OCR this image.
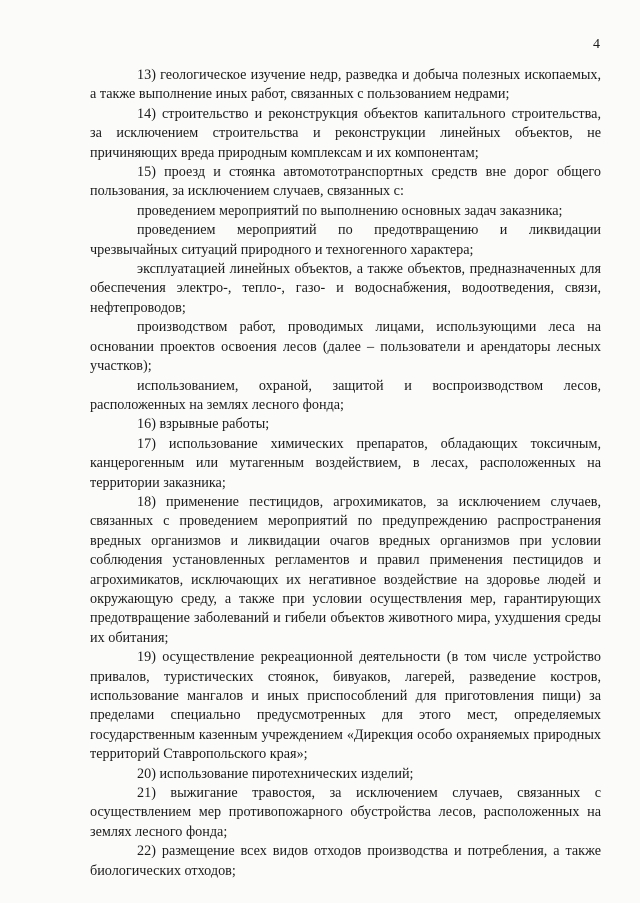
4

13) геологическое изучение недр, разведка и добыча полезных ископаемых, а также выполнение иных работ, связанных с пользованием недрами;

14) строительство и реконструкция объектов капитального строительства, за исключением строительства и реконструкции линейных объектов, не причиняющих вреда природным комплексам и их компонентам;

15) проезд и стоянка автомототранспортных средств вне дорог общего пользования, за исключением случаев, связанных с:

проведением мероприятий по выполнению основных задач заказника;

проведением мероприятий по предотвращению и ликвидации чрезвычайных ситуаций природного и техногенного характера;

эксплуатацией линейных объектов, а также объектов, предназначенных для обеспечения электро-, тепло-, газо- и водоснабжения, водоотведения, связи, нефтепроводов;

производством работ, проводимых лицами, использующими леса на основании проектов освоения лесов (далее – пользователи и арендаторы лесных участков);

использованием, охраной, защитой и воспроизводством лесов, расположенных на землях лесного фонда;

16) взрывные работы;

17) использование химических препаратов, обладающих токсичным, канцерогенным или мутагенным воздействием, в лесах, расположенных на территории заказника;

18) применение пестицидов, агрохимикатов, за исключением случаев, связанных с проведением мероприятий по предупреждению распространения вредных организмов и ликвидации очагов вредных организмов при условии соблюдения установленных регламентов и правил применения пестицидов и агрохимикатов, исключающих их негативное воздействие на здоровье людей и окружающую среду, а также при условии осуществления мер, гарантирующих предотвращение заболеваний и гибели объектов животного мира, ухудшения среды их обитания;

19) осуществление рекреационной деятельности (в том числе устройство привалов, туристических стоянок, бивуаков, лагерей, разведение костров, использование мангалов и иных приспособлений для приготовления пищи) за пределами специально предусмотренных для этого мест, определяемых государственным казенным учреждением «Дирекция особо охраняемых природных территорий Ставропольского края»;

20) использование пиротехнических изделий;

21) выжигание травостоя, за исключением случаев, связанных с осуществлением мер противопожарного обустройства лесов, расположенных на землях лесного фонда;

22) размещение всех видов отходов производства и потребления, а также биологических отходов;
